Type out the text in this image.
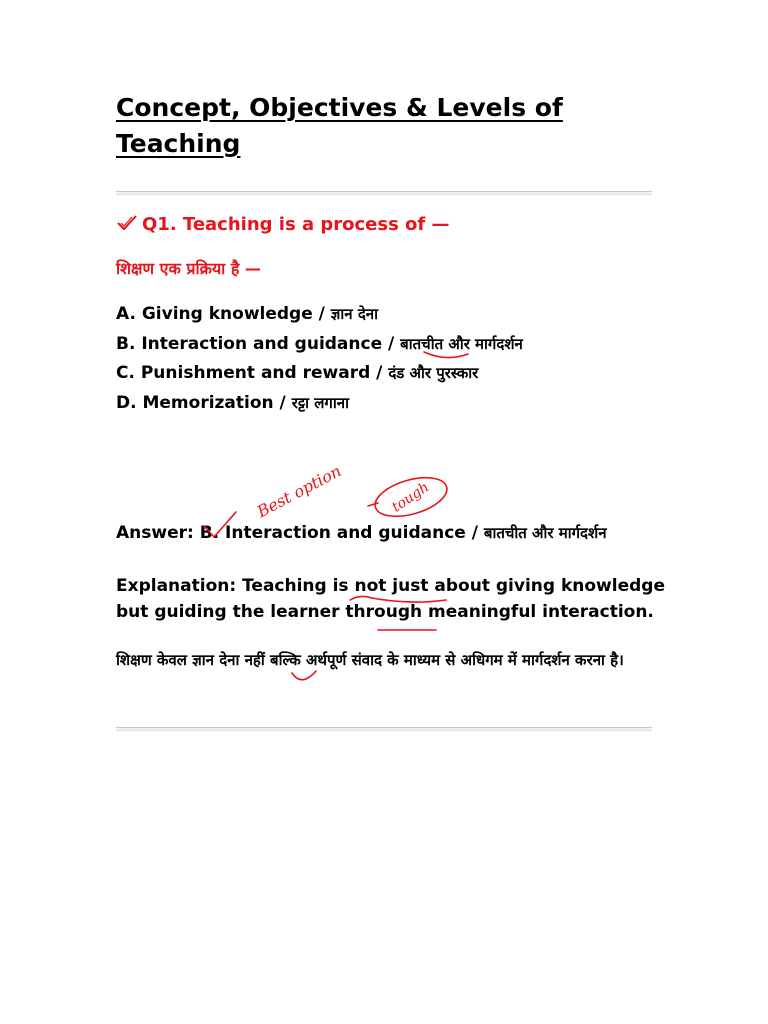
Concept, Objectives & Levels of Teaching
Q1. Teaching is a process of —
शिक्षण एक प्रक्रिया है —
A. Giving knowledge / ज्ञान देना
B. Interaction and guidance / बातचीत और मार्गदर्शन
C. Punishment and reward / दंड और पुरस्कार
D. Memorization / रट्टा लगाना
Answer: B. Interaction and guidance / बातचीत और मार्गदर्शन
Explanation: Teaching is not just about giving knowledge but guiding the learner through meaningful interaction.
शिक्षण केवल ज्ञान देना नहीं बल्कि अर्थपूर्ण संवाद के माध्यम से अधिगम में मार्गदर्शन करना है।
Best option	tough
